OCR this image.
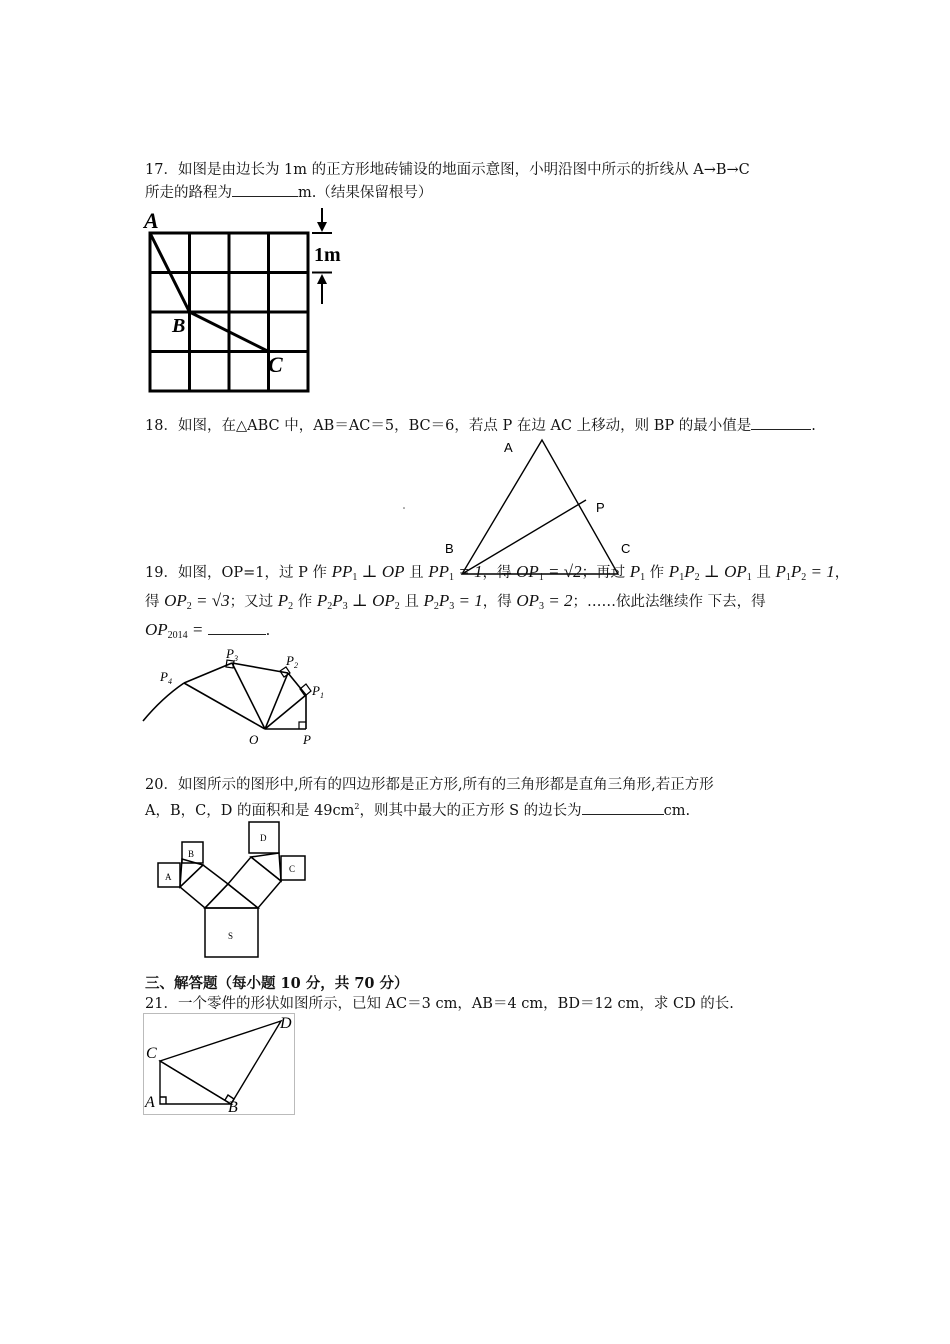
17．如图是由边长为 1m 的正方形地砖铺设的地面示意图，小明沿图中所示的折线从 A→B→C
所走的路程为	m.（结果保留根号）
A
B
C
1m
18．如图，在△ABC 中，AB＝AC＝5，BC＝6，若点 P 在边 AC 上移动，则 BP 的最小值是	.
A
B	C
P
19．如图，OP=1，过 P 作 $PP_1$ ⊥ OP 且 $PP_1 = 1$，得 $OP_1 = √2$；再过 $P_1$ 作 $P_1P_2$ ⊥ $OP_1$ 且 $P_1P_2 = 1$，
得 $OP_2 = √3$；又过 $P_2$ 作 $P_2P_3$ ⊥ $OP_2$ 且 $P_2P_3 = 1$，得 $OP_3 = 2$；……依此法继续作 下去，得
$OP_{2014}$ =	.
$P_4$
$P_3$	$P_2$
$P_1$
O	P
20．如图所示的图形中,所有的四边形都是正方形,所有的三角形都是直角三角形,若正方形
A，B，C，D 的面积和是 $49cm^2$，则其中最大的正方形 S 的边长为	cm.
A
B
D
C
S
三、解答题（每小题 10 分，共 70 分）
21．一个零件的形状如图所示，已知 AC＝3 cm，AB＝4 cm，BD＝12 cm，求 CD 的长.
C
A	B
D
